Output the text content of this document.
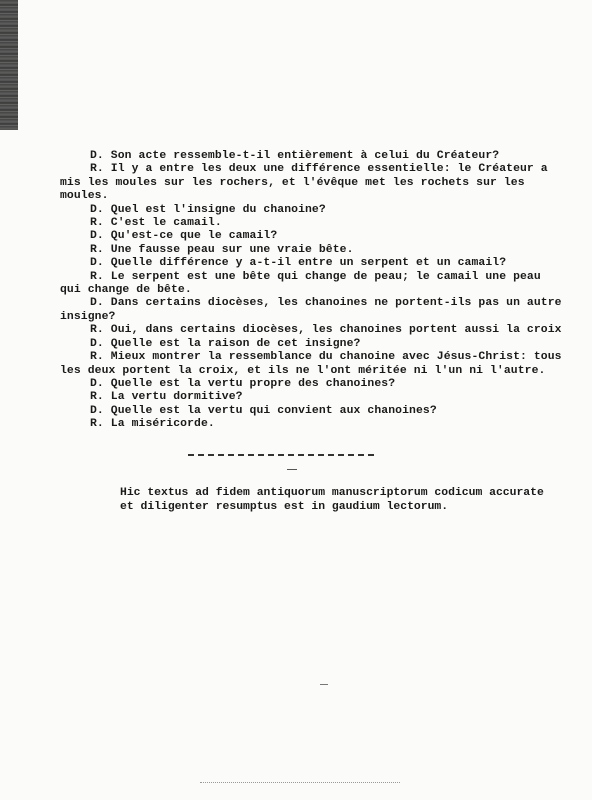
D. Son acte ressemble-t-il entièrement à celui du Créateur?
R. Il y a entre les deux une différence essentielle: le Créateur a
mis les moules sur les rochers, et l'évêque met les rochets sur les
moules.
D. Quel est l'insigne du chanoine?
R. C'est le camail.
D. Qu'est-ce que le camail?
R. Une fausse peau sur une vraie bête.
D. Quelle différence y a-t-il entre un serpent et un camail?
R. Le serpent est une bête qui change de peau; le camail une peau
qui change de bête.
D. Dans certains diocèses, les chanoines ne portent-ils pas un autre
insigne?
R. Oui, dans certains diocèses, les chanoines portent aussi la croix
D. Quelle est la raison de cet insigne?
R. Mieux montrer la ressemblance du chanoine avec Jésus-Christ: tous
les deux portent la croix, et ils ne l'ont méritée ni l'un ni l'autre.
D. Quelle est la vertu propre des chanoines?
R. La vertu dormitive?
D. Quelle est la vertu qui convient aux chanoines?
R. La miséricorde.
Hic textus ad fidem antiquorum manuscriptorum codicum accurate
et diligenter resumptus est in gaudium lectorum.
